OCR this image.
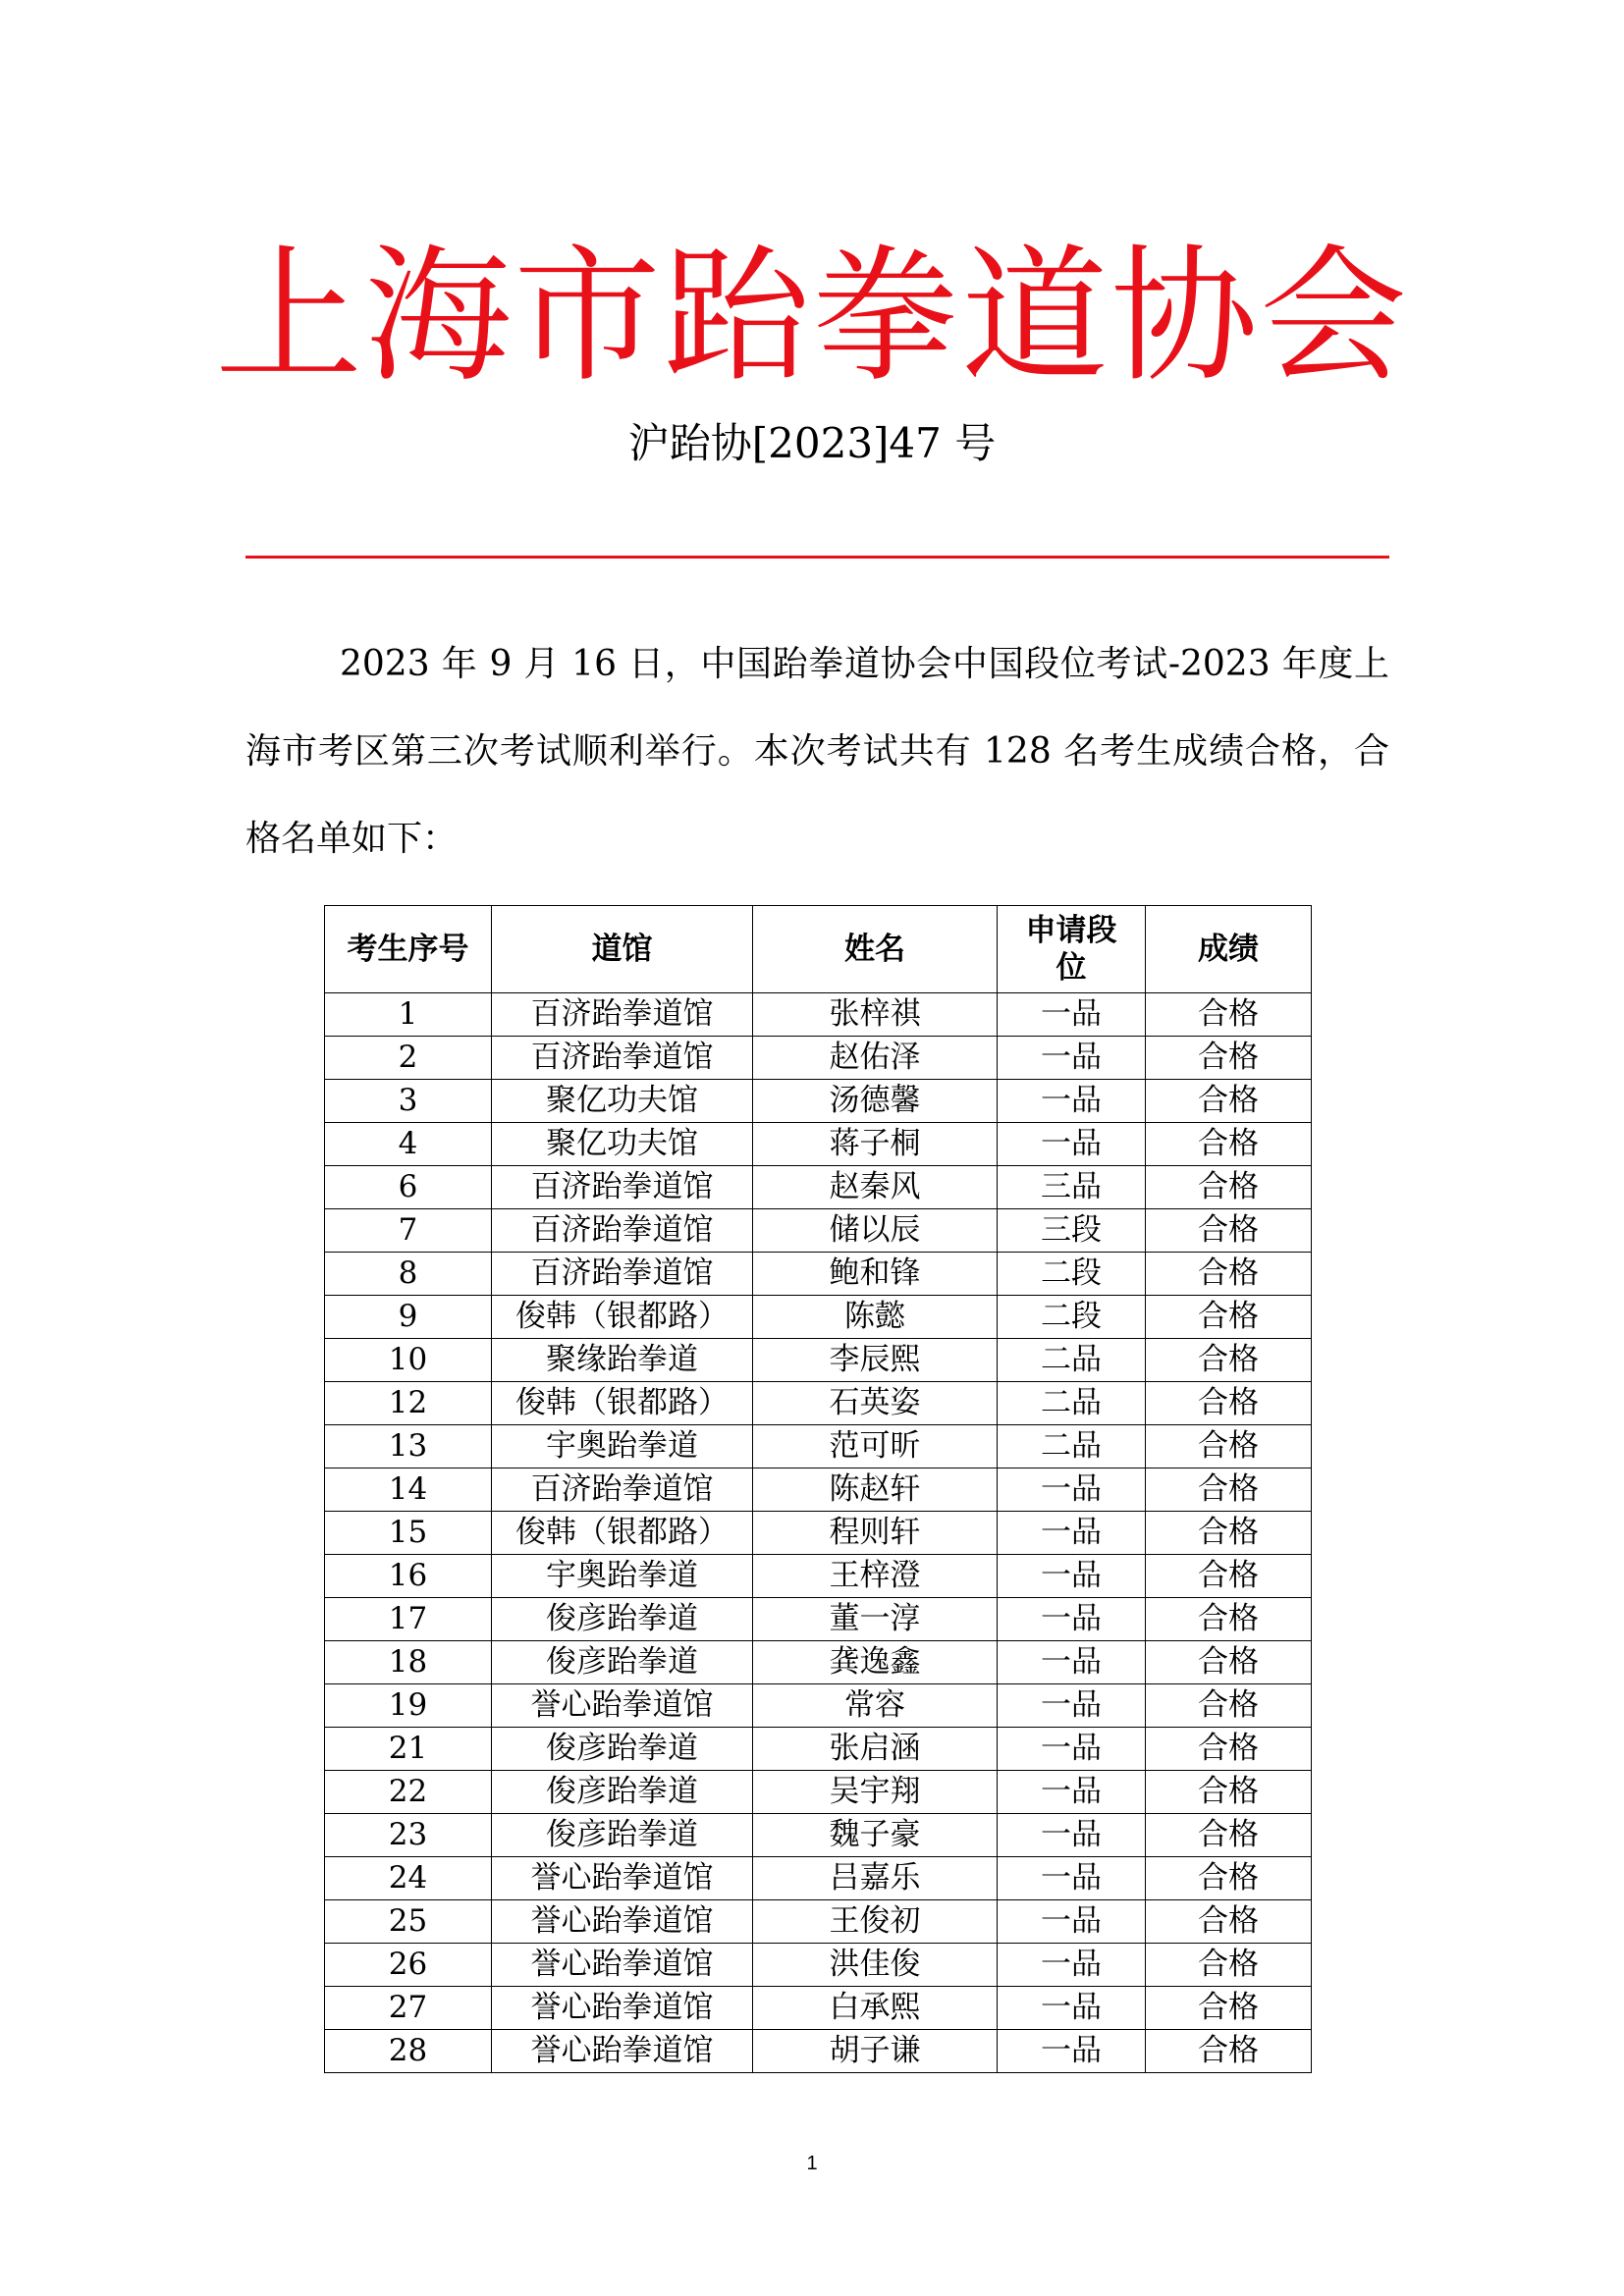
上海市跆拳道协会
沪跆协[2023]47 号

2023 年 9 月 16 日，中国跆拳道协会中国段位考试-2023 年度上海市考区第三次考试顺利举行。本次考试共有 128 名考生成绩合格，合格名单如下：

考生序号	道馆	姓名	申请段位	成绩
1	百济跆拳道馆	张梓祺	一品	合格
2	百济跆拳道馆	赵佑泽	一品	合格
3	聚亿功夫馆	汤德馨	一品	合格
4	聚亿功夫馆	蒋子桐	一品	合格
6	百济跆拳道馆	赵秦风	三品	合格
7	百济跆拳道馆	储以辰	三段	合格
8	百济跆拳道馆	鲍和锋	二段	合格
9	俊韩（银都路）	陈懿	二段	合格
10	聚缘跆拳道	李辰熙	二品	合格
12	俊韩（银都路）	石英姿	二品	合格
13	宇奥跆拳道	范可昕	二品	合格
14	百济跆拳道馆	陈赵轩	一品	合格
15	俊韩（银都路）	程则轩	一品	合格
16	宇奥跆拳道	王梓澄	一品	合格
17	俊彦跆拳道	董一淳	一品	合格
18	俊彦跆拳道	龚逸鑫	一品	合格
19	誉心跆拳道馆	常容	一品	合格
21	俊彦跆拳道	张启涵	一品	合格
22	俊彦跆拳道	吴宇翔	一品	合格
23	俊彦跆拳道	魏子豪	一品	合格
24	誉心跆拳道馆	吕嘉乐	一品	合格
25	誉心跆拳道馆	王俊初	一品	合格
26	誉心跆拳道馆	洪佳俊	一品	合格
27	誉心跆拳道馆	白承熙	一品	合格
28	誉心跆拳道馆	胡子谦	一品	合格
1
